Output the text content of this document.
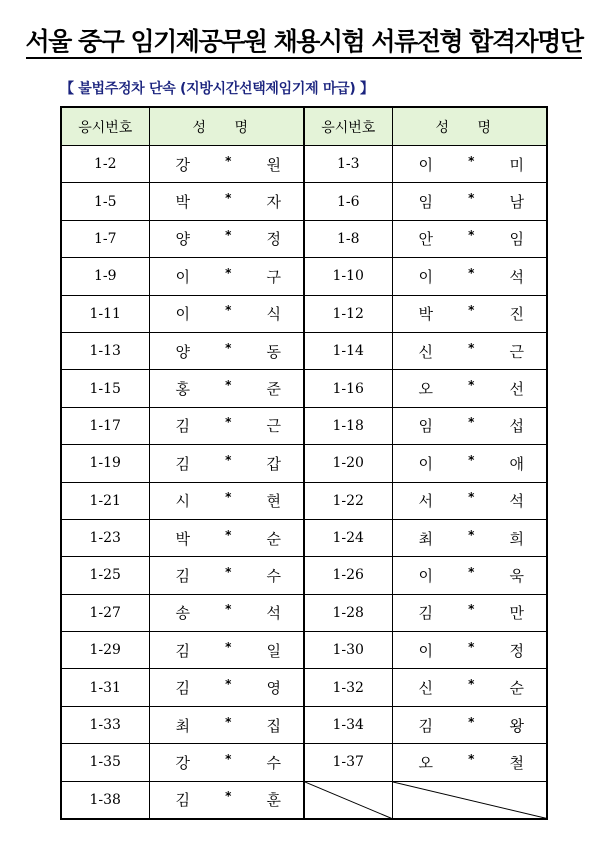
서울 중구 임기제공무원 채용시험 서류전형 합격자명단
【 불법주정차 단속 (지방시간선택제임기제 마급) 】
응시번호	성 명	응시번호	성 명
1-2	강 * 원	1-3	이 * 미

1-5	박 * 자	1-6	임 * 남

1-7	양 * 정	1-8	안 * 임

1-9	이 * 구	1-10	이 * 석

1-11	이 * 식	1-12	박 * 진

1-13	양 * 동	1-14	신 * 근

1-15	홍 * 준	1-16	오 * 선

1-17	김 * 근	1-18	임 * 섭

1-19	김 * 갑	1-20	이 * 애

1-21	시 * 현	1-22	서 * 석

1-23	박 * 순	1-24	최 * 희

1-25	김 * 수	1-26	이 * 욱

1-27	송 * 석	1-28	김 * 만

1-29	김 * 일	1-30	이 * 정

1-31	김 * 영	1-32	신 * 순

1-33	최 * 집	1-34	김 * 왕

1-35	강 * 수	1-37	오 * 철

1-38	김 * 훈
